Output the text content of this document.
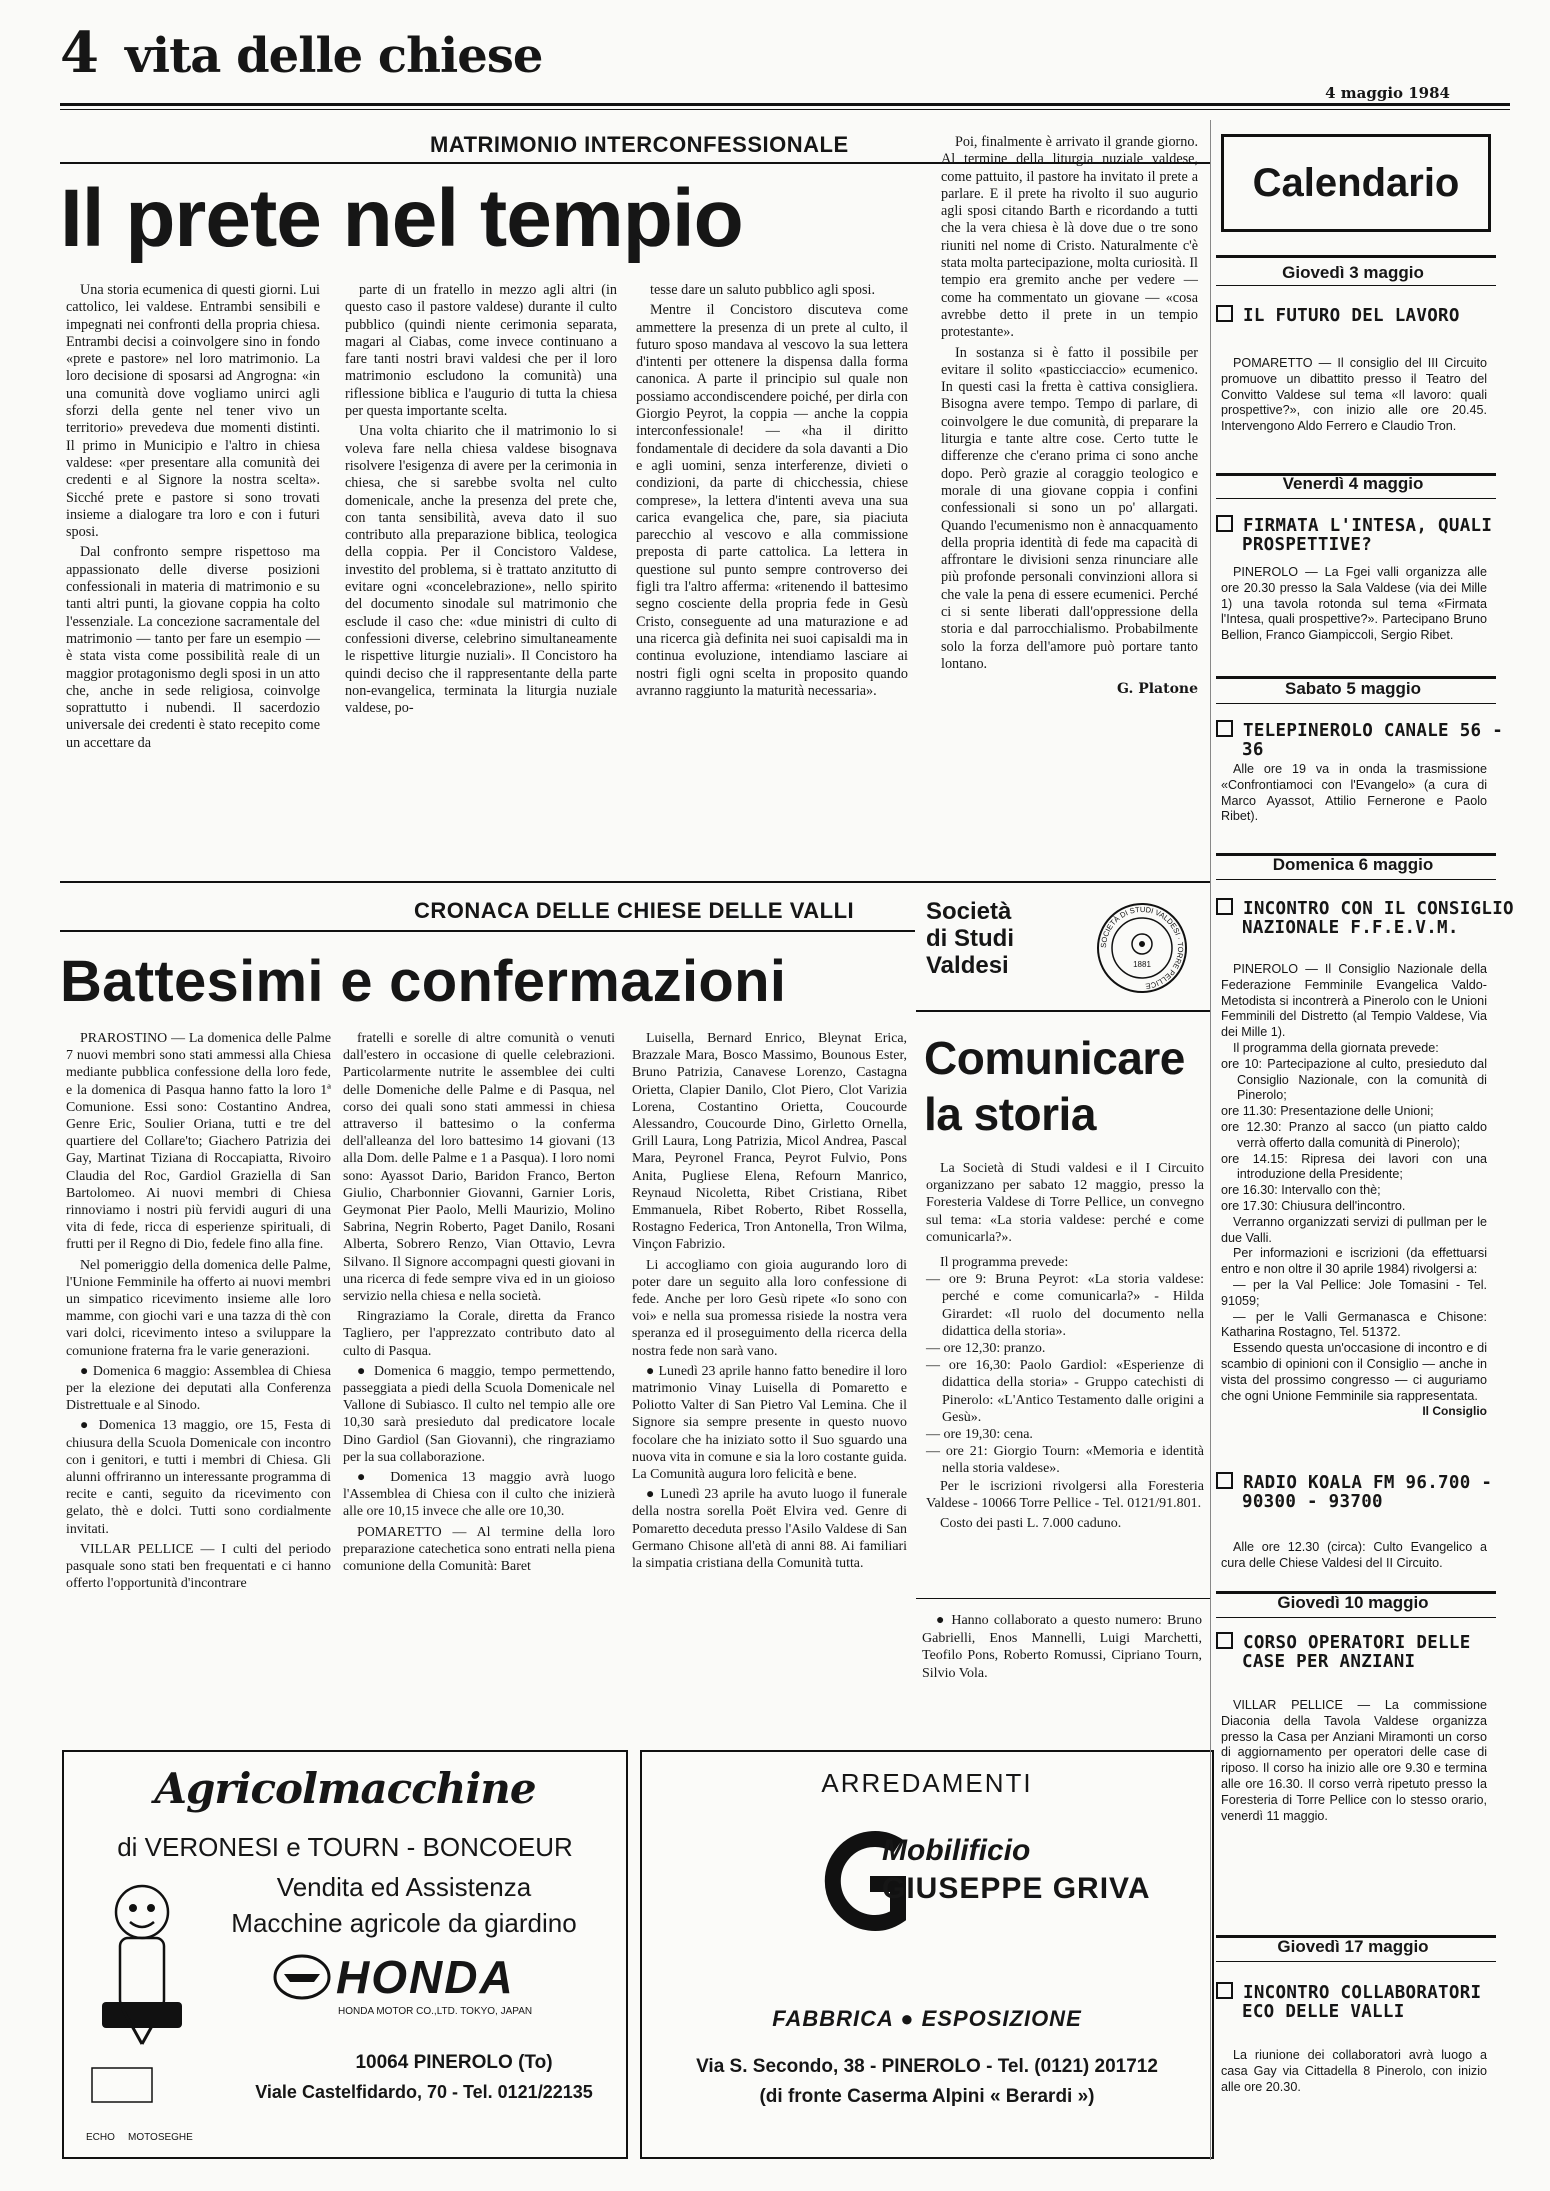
4 vita delle chiese
4 maggio 1984
MATRIMONIO INTERCONFESSIONALE
Il prete nel tempio

Una storia ecumenica di questi giorni. Lui cattolico, lei valdese. Entrambi sensibili e impegnati nei confronti della propria chiesa. Entrambi decisi a coinvolgere sino in fondo «prete e pastore» nel loro matrimonio. La loro decisione di sposarsi ad Angrogna: «in una comunità dove vogliamo unirci agli sforzi della gente nel tener vivo un territorio» prevedeva due momenti distinti. Il primo in Municipio e l'altro in chiesa valdese: «per presentare alla comunità dei credenti e al Signore la nostra scelta». Sicché prete e pastore si sono trovati insieme a dialogare tra loro e con i futuri sposi.

Dal confronto sempre rispettoso ma appassionato delle diverse posizioni confessionali in materia di matrimonio e su tanti altri punti, la giovane coppia ha colto l'essenziale. La concezione sacramentale del matrimonio — tanto per fare un esempio — è stata vista come possibilità reale di un maggior protagonismo degli sposi in un atto che, anche in sede religiosa, coinvolge soprattutto i nubendi. Il sacerdozio universale dei credenti è stato recepito come un accettare da

parte di un fratello in mezzo agli altri (in questo caso il pastore valdese) durante il culto pubblico (quindi niente cerimonia separata, magari al Ciabas, come invece continuano a fare tanti nostri bravi valdesi che per il loro matrimonio escludono la comunità) una riflessione biblica e l'augurio di tutta la chiesa per questa importante scelta.

Una volta chiarito che il matrimonio lo si voleva fare nella chiesa valdese bisognava risolvere l'esigenza di avere per la cerimonia in chiesa, che si sarebbe svolta nel culto domenicale, anche la presenza del prete che, con tanta sensibilità, aveva dato il suo contributo alla preparazione biblica, teologica della coppia. Per il Concistoro Valdese, investito del problema, si è trattato anzitutto di evitare ogni «concelebrazione», nello spirito del documento sinodale sul matrimonio che esclude il caso che: «due ministri di culto di confessioni diverse, celebrino simultaneamente le rispettive liturgie nuziali». Il Concistoro ha quindi deciso che il rappresentante della parte non-evangelica, terminata la liturgia nuziale valdese, po-

tesse dare un saluto pubblico agli sposi.

Mentre il Concistoro discuteva come ammettere la presenza di un prete al culto, il futuro sposo mandava al vescovo la sua lettera d'intenti per ottenere la dispensa dalla forma canonica. A parte il principio sul quale non possiamo accondiscendere poiché, per dirla con Giorgio Peyrot, la coppia — anche la coppia interconfessionale! — «ha il diritto fondamentale di decidere da sola davanti a Dio e agli uomini, senza interferenze, divieti o condizioni, da parte di chicchessia, chiese comprese», la lettera d'intenti aveva una sua carica evangelica che, pare, sia piaciuta parecchio al vescovo e alla commissione preposta di parte cattolica. La lettera in questione sul punto sempre controverso dei figli tra l'altro afferma: «ritenendo il battesimo segno cosciente della propria fede in Gesù Cristo, conseguente ad una maturazione e ad una ricerca già definita nei suoi capisaldi ma in continua evoluzione, intendiamo lasciare ai nostri figli ogni scelta in proposito quando avranno raggiunto la maturità necessaria».

Poi, finalmente è arrivato il grande giorno. Al termine della liturgia nuziale valdese, come pattuito, il pastore ha invitato il prete a parlare. E il prete ha rivolto il suo augurio agli sposi citando Barth e ricordando a tutti che la vera chiesa è là dove due o tre sono riuniti nel nome di Cristo. Naturalmente c'è stata molta partecipazione, molta curiosità. Il tempio era gremito anche per vedere — come ha commentato un giovane — «cosa avrebbe detto il prete in un tempio protestante».

In sostanza si è fatto il possibile per evitare il solito «pasticciaccio» ecumenico. In questi casi la fretta è cattiva consigliera. Bisogna avere tempo. Tempo di parlare, di coinvolgere le due comunità, di preparare la liturgia e tante altre cose. Certo tutte le differenze che c'erano prima ci sono anche dopo. Però grazie al coraggio teologico e morale di una giovane coppia i confini confessionali si sono un po' allargati. Quando l'ecumenismo non è annacquamento della propria identità di fede ma capacità di affrontare le divisioni senza rinunciare alle più profonde personali convinzioni allora si che vale la pena di essere ecumenici. Perché ci si sente liberati dall'oppressione della storia e dal parrocchialismo. Probabilmente solo la forza dell'amore può portare tanto lontano.

G. Platone
CRONACA DELLE CHIESE DELLE VALLI
Battesimi e confermazioni

PRAROSTINO — La domenica delle Palme 7 nuovi membri sono stati ammessi alla Chiesa mediante pubblica confessione della loro fede, e la domenica di Pasqua hanno fatto la loro 1ª Comunione. Essi sono: Costantino Andrea, Genre Eric, Soulier Oriana, tutti e tre del quartiere del Collare'to; Giachero Patrizia dei Gay, Martinat Tiziana di Roccapiatta, Rivoiro Claudia del Roc, Gardiol Graziella di San Bartolomeo. Ai nuovi membri di Chiesa rinnoviamo i nostri più fervidi auguri di una vita di fede, ricca di esperienze spirituali, di frutti per il Regno di Dio, fedele fino alla fine.

Nel pomeriggio della domenica delle Palme, l'Unione Femminile ha offerto ai nuovi membri un simpatico ricevimento insieme alle loro mamme, con giochi vari e una tazza di thè con vari dolci, ricevimento inteso a sviluppare la comunione fraterna fra le varie generazioni.

● Domenica 6 maggio: Assemblea di Chiesa per la elezione dei deputati alla Conferenza Distrettuale e al Sinodo.

● Domenica 13 maggio, ore 15, Festa di chiusura della Scuola Domenicale con incontro con i genitori, e tutti i membri di Chiesa. Gli alunni offriranno un interessante programma di recite e canti, seguito da ricevimento con gelato, thè e dolci. Tutti sono cordialmente invitati.

VILLAR PELLICE — I culti del periodo pasquale sono stati ben frequentati e ci hanno offerto l'opportunità d'incontrare

fratelli e sorelle di altre comunità o venuti dall'estero in occasione di quelle celebrazioni. Particolarmente nutrite le assemblee dei culti delle Domeniche delle Palme e di Pasqua, nel corso dei quali sono stati ammessi in chiesa attraverso il battesimo o la conferma dell'alleanza del loro battesimo 14 giovani (13 alla Dom. delle Palme e 1 a Pasqua). I loro nomi sono: Ayassot Dario, Baridon Franco, Berton Giulio, Charbonnier Giovanni, Garnier Loris, Geymonat Pier Paolo, Melli Maurizio, Molino Sabrina, Negrin Roberto, Paget Danilo, Rosani Alberta, Sobrero Renzo, Vian Ottavio, Levra Silvano. Il Signore accompagni questi giovani in una ricerca di fede sempre viva ed in un gioioso servizio nella chiesa e nella società.

Ringraziamo la Corale, diretta da Franco Tagliero, per l'apprezzato contributo dato al culto di Pasqua.

● Domenica 6 maggio, tempo permettendo, passeggiata a piedi della Scuola Domenicale nel Vallone di Subiasco. Il culto nel tempio alle ore 10,30 sarà presieduto dal predicatore locale Dino Gardiol (San Giovanni), che ringraziamo per la sua collaborazione.

● Domenica 13 maggio avrà luogo l'Assemblea di Chiesa con il culto che inizierà alle ore 10,15 invece che alle ore 10,30.

POMARETTO — Al termine della loro preparazione catechetica sono entrati nella piena comunione della Comunità: Baret

Luisella, Bernard Enrico, Bleynat Erica, Brazzale Mara, Bosco Massimo, Bounous Ester, Bruno Patrizia, Canavese Lorenzo, Castagna Orietta, Clapier Danilo, Clot Piero, Clot Varizia Lorena, Costantino Orietta, Coucourde Alessandro, Coucourde Dino, Girletto Ornella, Grill Laura, Long Patrizia, Micol Andrea, Pascal Mara, Peyronel Franca, Peyrot Fulvio, Pons Anita, Pugliese Elena, Refourn Manrico, Reynaud Nicoletta, Ribet Cristiana, Ribet Emmanuela, Ribet Roberto, Ribet Rossella, Rostagno Federica, Tron Antonella, Tron Wilma, Vinçon Fabrizio.

Li accogliamo con gioia augurando loro di poter dare un seguito alla loro confessione di fede. Anche per loro Gesù ripete «Io sono con voi» e nella sua promessa risiede la nostra vera speranza ed il proseguimento della ricerca della nostra fede non sarà vano.

● Lunedì 23 aprile hanno fatto benedire il loro matrimonio Vinay Luisella di Pomaretto e Poliotto Valter di San Pietro Val Lemina. Che il Signore sia sempre presente in questo nuovo focolare che ha iniziato sotto il Suo sguardo una nuova vita in comune e sia la loro costante guida. La Comunità augura loro felicità e bene.

● Lunedì 23 aprile ha avuto luogo il funerale della nostra sorella Poët Elvira ved. Genre di Pomaretto deceduta presso l'Asilo Valdese di San Germano Chisone all'età di anni 88. Ai familiari la simpatia cristiana della Comunità tutta.

Società
di Studi
Valdesi
SOCIETÀ DI STUDI VALDESI · TORRE PELLICE
1881
Comunicare
la storia

La Società di Studi valdesi e il I Circuito organizzano per sabato 12 maggio, presso la Foresteria Valdese di Torre Pellice, un convegno sul tema: «La storia valdese: perché e come comunicarla?».

Il programma prevede:

— ore 9: Bruna Peyrot: «La storia valdese: perché e come comunicarla?» - Hilda Girardet: «Il ruolo del documento nella didattica della storia».
— ore 12,30: pranzo.
— ore 16,30: Paolo Gardiol: «Esperienze di didattica della storia» - Gruppo catechisti di Pinerolo: «L'Antico Testamento dalle origini a Gesù».
— ore 19,30: cena.
— ore 21: Giorgio Tourn: «Memoria e identità nella storia valdese».

Per le iscrizioni rivolgersi alla Foresteria Valdese - 10066 Torre Pellice - Tel. 0121/91.801.

Costo dei pasti L. 7.000 caduno.

● Hanno collaborato a questo numero: Bruno Gabrielli, Enos Mannelli, Luigi Marchetti, Teofilo Pons, Roberto Romussi, Cipriano Tourn, Silvio Vola.

Agricolmacchine
di VERONESI e TOURN - BONCOEUR
Vendita ed Assistenza
Macchine agricole da giardino
ECHO MOTOSEGHE
HONDA
HONDA MOTOR CO.,LTD. TOKYO, JAPAN
10064 PINEROLO (To)
Viale Castelfidardo, 70 - Tel. 0121/22135
ARREDAMENTI
Mobilificio
GIUSEPPE GRIVA
FABBRICA ● ESPOSIZIONE
Via S. Secondo, 38 - PINEROLO - Tel. (0121) 201712
(di fronte Caserma Alpini « Berardi »)
Calendario
Giovedì 3 maggio
IL FUTURO DEL LAVORO

POMARETTO — Il consiglio del III Circuito promuove un dibattito presso il Teatro del Convitto Valdese sul tema «Il lavoro: quali prospettive?», con inizio alle ore 20.45. Intervengono Aldo Ferrero e Claudio Tron.

Venerdì 4 maggio
FIRMATA L'INTESA, QUALI PROSPETTIVE?

PINEROLO — La Fgei valli organizza alle ore 20.30 presso la Sala Valdese (via dei Mille 1) una tavola rotonda sul tema «Firmata l'Intesa, quali prospettive?». Partecipano Bruno Bellion, Franco Giampiccoli, Sergio Ribet.

Sabato 5 maggio
TELEPINEROLO CANALE 56 - 36

Alle ore 19 va in onda la trasmissione «Confrontiamoci con l'Evangelo» (a cura di Marco Ayassot, Attilio Fernerone e Paolo Ribet).

Domenica 6 maggio
INCONTRO CON IL CONSIGLIO NAZIONALE F.F.E.V.M.

PINEROLO — Il Consiglio Nazionale della Federazione Femminile Evangelica Valdo-Metodista si incontrerà a Pinerolo con le Unioni Femminili del Distretto (al Tempio Valdese, Via dei Mille 1).

Il programma della giornata prevede:

ore 10: Partecipazione al culto, presieduto dal Consiglio Nazionale, con la comunità di Pinerolo;
ore 11.30: Presentazione delle Unioni;
ore 12.30: Pranzo al sacco (un piatto caldo verrà offerto dalla comunità di Pinerolo);
ore 14.15: Ripresa dei lavori con una introduzione della Presidente;
ore 16.30: Intervallo con thè;
ore 17.30: Chiusura dell'incontro.

Verranno organizzati servizi di pullman per le due Valli.

Per informazioni e iscrizioni (da effettuarsi entro e non oltre il 30 aprile 1984) rivolgersi a:

— per la Val Pellice: Jole Tomasini - Tel. 91059;

— per le Valli Germanasca e Chisone: Katharina Rostagno, Tel. 51372.

Essendo questa un'occasione di incontro e di scambio di opinioni con il Consiglio — anche in vista del prossimo congresso — ci auguriamo che ogni Unione Femminile sia rappresentata.

Il Consiglio
RADIO KOALA FM 96.700 - 90300 - 93700

Alle ore 12.30 (circa): Culto Evangelico a cura delle Chiese Valdesi del II Circuito.

Giovedì 10 maggio
CORSO OPERATORI DELLE CASE PER ANZIANI

VILLAR PELLICE — La commissione Diaconia della Tavola Valdese organizza presso la Casa per Anziani Miramonti un corso di aggiornamento per operatori delle case di riposo. Il corso ha inizio alle ore 9.30 e termina alle ore 16.30. Il corso verrà ripetuto presso la Foresteria di Torre Pellice con lo stesso orario, venerdì 11 maggio.

Giovedì 17 maggio
INCONTRO COLLABORATORI ECO DELLE VALLI

La riunione dei collaboratori avrà luogo a casa Gay via Cittadella 8 Pinerolo, con inizio alle ore 20.30.
